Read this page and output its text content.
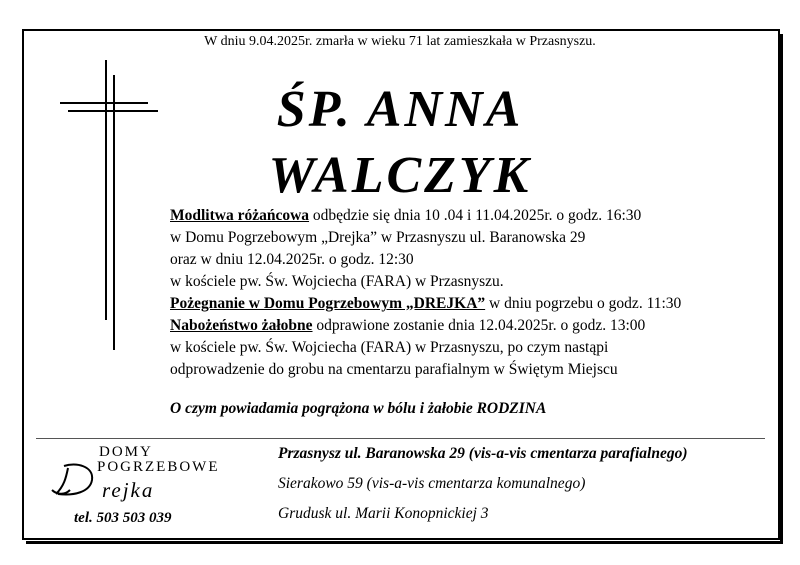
W dniu 9.04.2025r. zmarła w wieku 71 lat zamieszkała w Przasnyszu.
ŚP. ANNA
WALCZYK
Modlitwa różańcowa odbędzie się dnia 10 .04 i 11.04.2025r. o godz. 16:30
w Domu Pogrzebowym „Drejka” w Przasnyszu ul. Baranowska 29
oraz w dniu 12.04.2025r. o godz. 12:30
w kościele pw. Św. Wojciecha (FARA) w Przasnyszu.
Pożegnanie w Domu Pogrzebowym „DREJKA” w dniu pogrzebu o godz. 11:30
Nabożeństwo żałobne odprawione zostanie dnia 12.04.2025r. o godz. 13:00
w kościele pw. Św. Wojciecha (FARA) w Przasnyszu, po czym nastąpi
odprowadzenie do grobu na cmentarzu parafialnym w Świętym Miejscu
O czym powiadamia pogrążona w bólu i żałobie RODZINA
DOMY
POGRZEBOWE
rejka
tel. 503 503 039
Przasnysz ul. Baranowska 29 (vis-a-vis cmentarza parafialnego)
Sierakowo 59 (vis-a-vis cmentarza komunalnego)
Grudusk ul. Marii Konopnickiej 3
